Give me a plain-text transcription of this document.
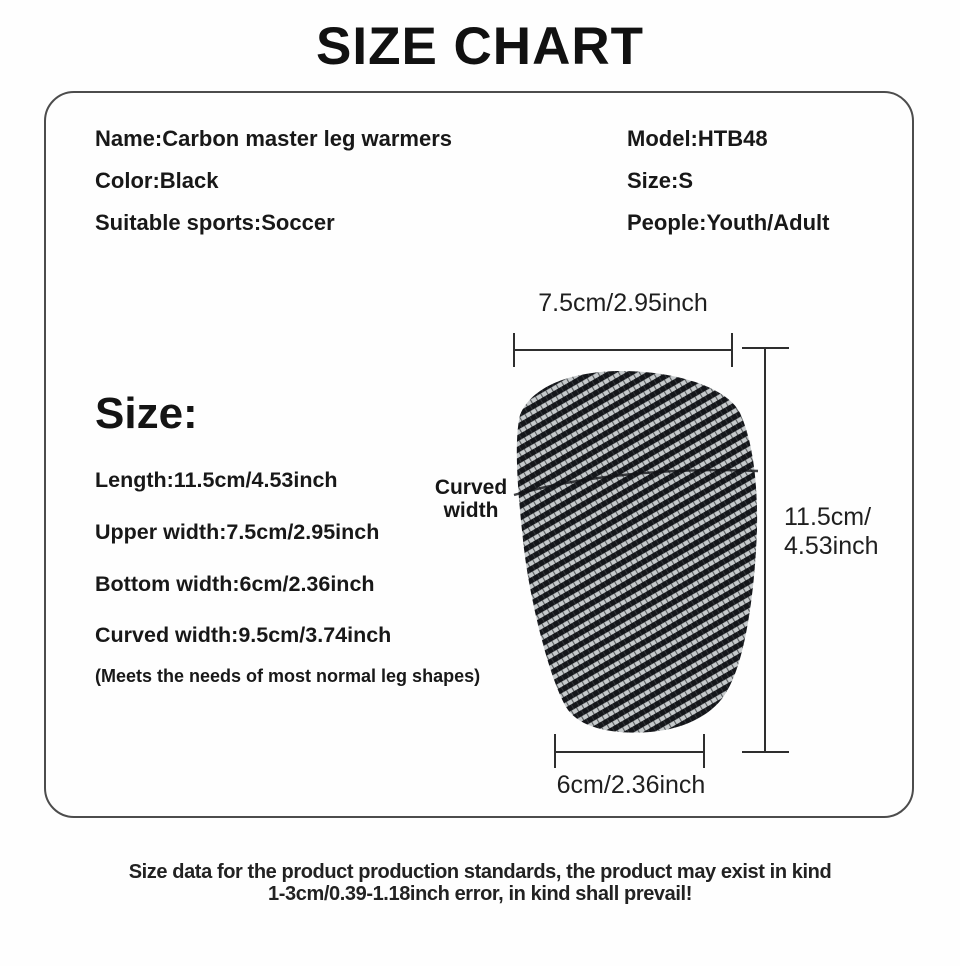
SIZE CHART
Name:Carbon master leg warmers
Color:Black
Suitable sports:Soccer
Model:HTB48
Size:S
People:Youth/Adult
Size:
Length:11.5cm/4.53inch
Upper width:7.5cm/2.95inch
Bottom width:6cm/2.36inch
Curved width:9.5cm/3.74inch
(Meets the needs of most normal leg shapes)
7.5cm/2.95inch
Curved
width	11.5cm/
4.53inch
6cm/2.36inch
Size data for the product production standards, the product may exist in kind
1-3cm/0.39-1.18inch error, in kind shall prevail!
